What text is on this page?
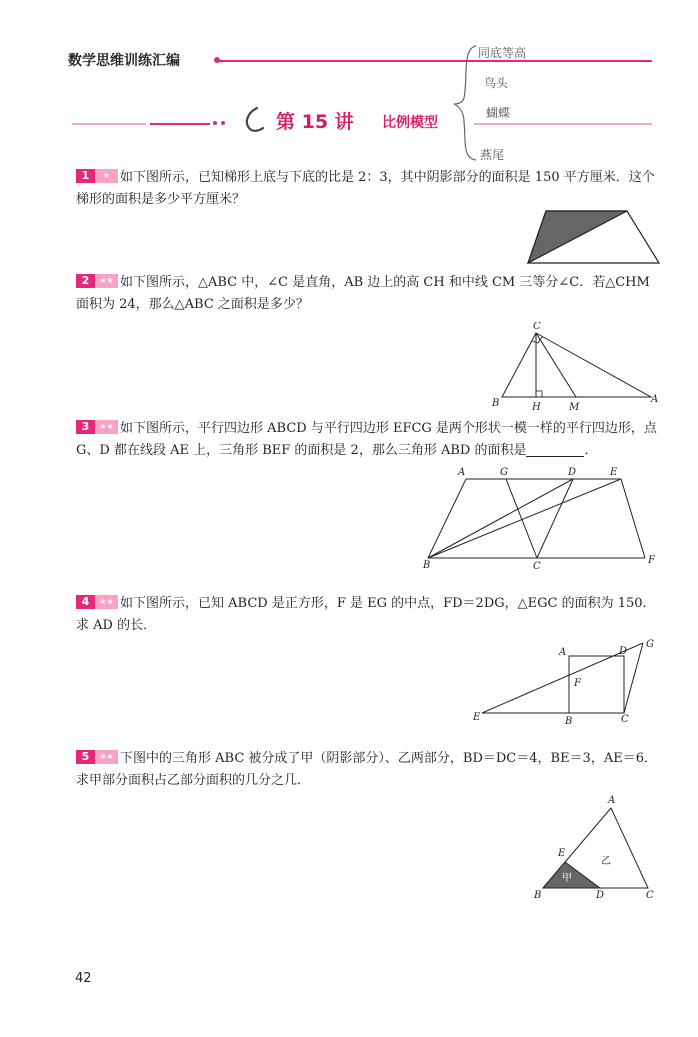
数学思维训练汇编
第 15 讲 比例模型
同底等高
鸟头
蝴蝶
燕尾
1	★ 如下图所示，已知梯形上底与下底的比是 2：3，其中阴影部分的面积是 150 平方厘米．这个梯形的面积是多少平方厘米？
2	★★ 如下图所示，△ABC 中，∠C 是直角，AB 边上的高 CH 和中线 CM 三等分∠C．若△CHM 面积为 24，那么△ABC 之面积是多少？
C
B	H	M
A
3	★★ 如下图所示，平行四边形 ABCD 与平行四边形 EFCG 是两个形状一模一样的平行四边形，点 G、D 都在线段 AE 上，三角形 BEF 的面积是 2，那么三角形 ABD 的面积是	．
A	G	D	E
B	C
F
4	★★ 如下图所示，已知 ABCD 是正方形，F 是 EG 的中点，FD＝2DG，△EGC 的面积为 150．求 AD 的长．
A	D
G
F
E	B	C
5	★★ 下图中的三角形 ABC 被分成了甲（阴影部分）、乙两部分，BD＝DC＝4，BE＝3，AE＝6．求甲部分面积占乙部分面积的几分之几．
A
E
B	D	C
甲
乙
42
